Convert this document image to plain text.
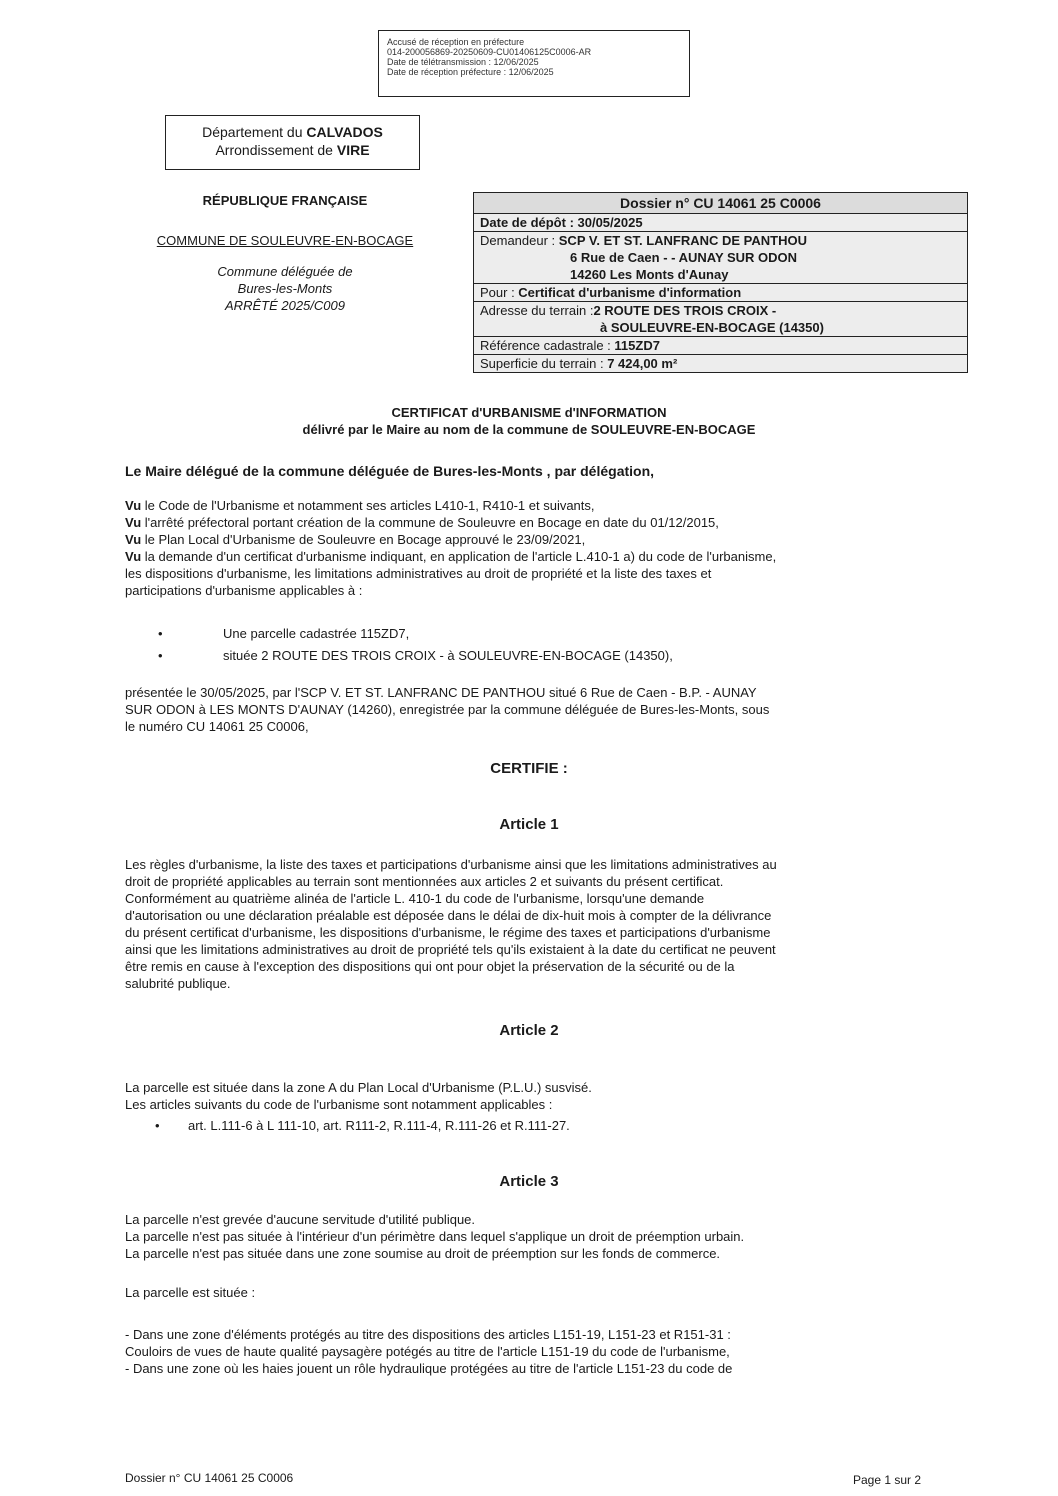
Accusé de réception en préfecture
014-200056869-20250609-CU01406125C0006-AR
Date de télétransmission : 12/06/2025
Date de réception préfecture : 12/06/2025
Département du CALVADOS
Arrondissement de VIRE
RÉPUBLIQUE FRANÇAISE
COMMUNE DE SOULEUVRE-EN-BOCAGE
Commune déléguée de
Bures-les-Monts
ARRÊTÉ 2025/C009
Dossier n° CU 14061 25 C0006
Date de dépôt : 30/05/2025
Demandeur : SCP V. ET ST. LANFRANC DE PANTHOU
6 Rue de Caen - - AUNAY SUR ODON
14260 Les Monts d'Aunay
Pour : Certificat d'urbanisme d'information
Adresse du terrain :2 ROUTE DES TROIS CROIX -
à SOULEUVRE-EN-BOCAGE (14350)
Référence cadastrale : 115ZD7
Superficie du terrain : 7 424,00 m²
CERTIFICAT d'URBANISME d'INFORMATION
délivré par le Maire au nom de la commune de SOULEUVRE-EN-BOCAGE
Le Maire délégué de la commune déléguée de Bures-les-Monts , par délégation,
Vu le Code de l'Urbanisme et notamment ses articles L410-1, R410-1 et suivants,
Vu l'arrêté préfectoral portant création de la commune de Souleuvre en Bocage en date du 01/12/2015,
Vu le Plan Local d'Urbanisme de Souleuvre en Bocage approuvé le 23/09/2021,
Vu la demande d'un certificat d'urbanisme indiquant, en application de l'article L.410-1 a) du code de l'urbanisme,
les dispositions d'urbanisme, les limitations administratives au droit de propriété et la liste des taxes et
participations d'urbanisme applicables à :
•	Une parcelle cadastrée 115ZD7,
•	située 2 ROUTE DES TROIS CROIX - à SOULEUVRE-EN-BOCAGE (14350),
présentée le 30/05/2025, par l'SCP V. ET ST. LANFRANC DE PANTHOU situé 6 Rue de Caen - B.P. - AUNAY
SUR ODON à LES MONTS D'AUNAY (14260), enregistrée par la commune déléguée de Bures-les-Monts, sous
le numéro CU 14061 25 C0006,
CERTIFIE :
Article 1
Les règles d'urbanisme, la liste des taxes et participations d'urbanisme ainsi que les limitations administratives au
droit de propriété applicables au terrain sont mentionnées aux articles 2 et suivants du présent certificat.
Conformément au quatrième alinéa de l'article L. 410-1 du code de l'urbanisme, lorsqu'une demande
d'autorisation ou une déclaration préalable est déposée dans le délai de dix-huit mois à compter de la délivrance
du présent certificat d'urbanisme, les dispositions d'urbanisme, le régime des taxes et participations d'urbanisme
ainsi que les limitations administratives au droit de propriété tels qu'ils existaient à la date du certificat ne peuvent
être remis en cause à l'exception des dispositions qui ont pour objet la préservation de la sécurité ou de la
salubrité publique.
Article 2
La parcelle est située dans la zone A du Plan Local d'Urbanisme (P.L.U.) susvisé.
Les articles suivants du code de l'urbanisme sont notamment applicables :
• art. L.111-6 à L 111-10, art. R111-2, R.111-4, R.111-26 et R.111-27.
Article 3
La parcelle n'est grevée d'aucune servitude d'utilité publique.
La parcelle n'est pas située à l'intérieur d'un périmètre dans lequel s'applique un droit de préemption urbain.
La parcelle n'est pas située dans une zone soumise au droit de préemption sur les fonds de commerce.
La parcelle est située :
- Dans une zone d'éléments protégés au titre des dispositions des articles L151-19, L151-23 et R151-31 :
Couloirs de vues de haute qualité paysagère potégés au titre de l'article L151-19 du code de l'urbanisme,
- Dans une zone où les haies jouent un rôle hydraulique protégées au titre de l'article L151-23 du code de
Dossier n° CU 14061 25 C0006	Page 1 sur 2
